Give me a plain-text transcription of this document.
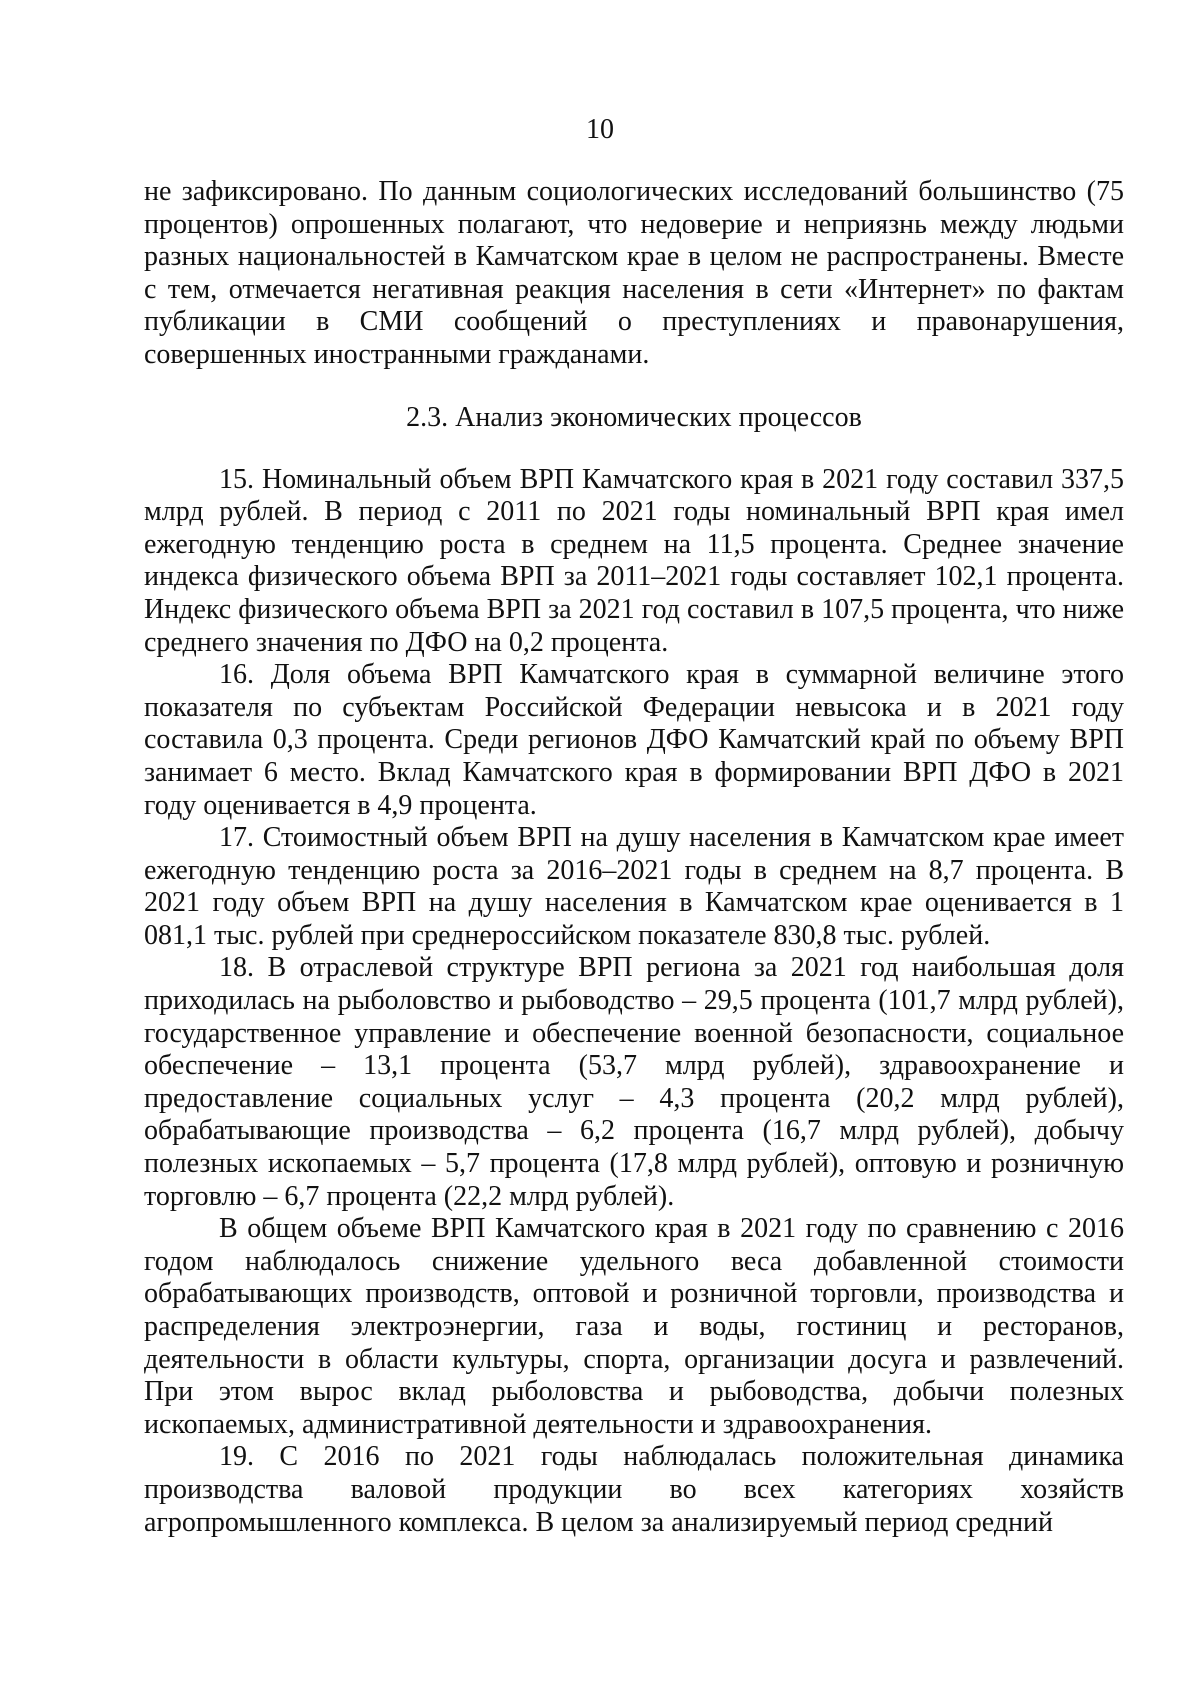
10

не зафиксировано. По данным социологических исследований большинство (75 процентов) опрошенных полагают, что недоверие и неприязнь между людьми разных национальностей в Камчатском крае в целом не распространены. Вместе с тем, отмечается негативная реакция населения в сети «Интернет» по фактам публикации в СМИ сообщений о преступлениях и правонарушения, совершенных иностранными гражданами.

2.3. Анализ экономических процессов

15. Номинальный объем ВРП Камчатского края в 2021 году составил 337,5 млрд рублей. В период с 2011 по 2021 годы номинальный ВРП края имел ежегодную тенденцию роста в среднем на 11,5 процента. Среднее значение индекса физического объема ВРП за 2011–2021 годы составляет 102,1 процента. Индекс физического объема ВРП за 2021 год составил в 107,5 процента, что ниже среднего значения по ДФО на 0,2 процента.

16. Доля объема ВРП Камчатского края в суммарной величине этого показателя по субъектам Российской Федерации невысока и в 2021 году составила 0,3 процента. Среди регионов ДФО Камчатский край по объему ВРП занимает 6 место. Вклад Камчатского края в формировании ВРП ДФО в 2021 году оценивается в 4,9 процента.

17. Стоимостный объем ВРП на душу населения в Камчатском крае имеет ежегодную тенденцию роста за 2016–2021 годы в среднем на 8,7 процента. В 2021 году объем ВРП на душу населения в Камчатском крае оценивается в 1 081,1 тыс. рублей при среднероссийском показателе 830,8 тыс. рублей.

18. В отраслевой структуре ВРП региона за 2021 год наибольшая доля приходилась на рыболовство и рыбоводство – 29,5 процента (101,7 млрд рублей), государственное управление и обеспечение военной безопасности, социальное обеспечение – 13,1 процента (53,7 млрд рублей), здравоохранение и предоставление социальных услуг – 4,3 процента (20,2 млрд рублей), обрабатывающие производства – 6,2 процента (16,7 млрд рублей), добычу полезных ископаемых – 5,7 процента (17,8 млрд рублей), оптовую и розничную торговлю – 6,7 процента (22,2 млрд рублей).

В общем объеме ВРП Камчатского края в 2021 году по сравнению с 2016 годом наблюдалось снижение удельного веса добавленной стоимости обрабатывающих производств, оптовой и розничной торговли, производства и распределения электроэнергии, газа и воды, гостиниц и ресторанов, деятельности в области культуры, спорта, организации досуга и развлечений. При этом вырос вклад рыболовства и рыбоводства, добычи полезных ископаемых, административной деятельности и здравоохранения.

19. С 2016 по 2021 годы наблюдалась положительная динамика производства валовой продукции во всех категориях хозяйств агропромышленного комплекса. В целом за анализируемый период средний
